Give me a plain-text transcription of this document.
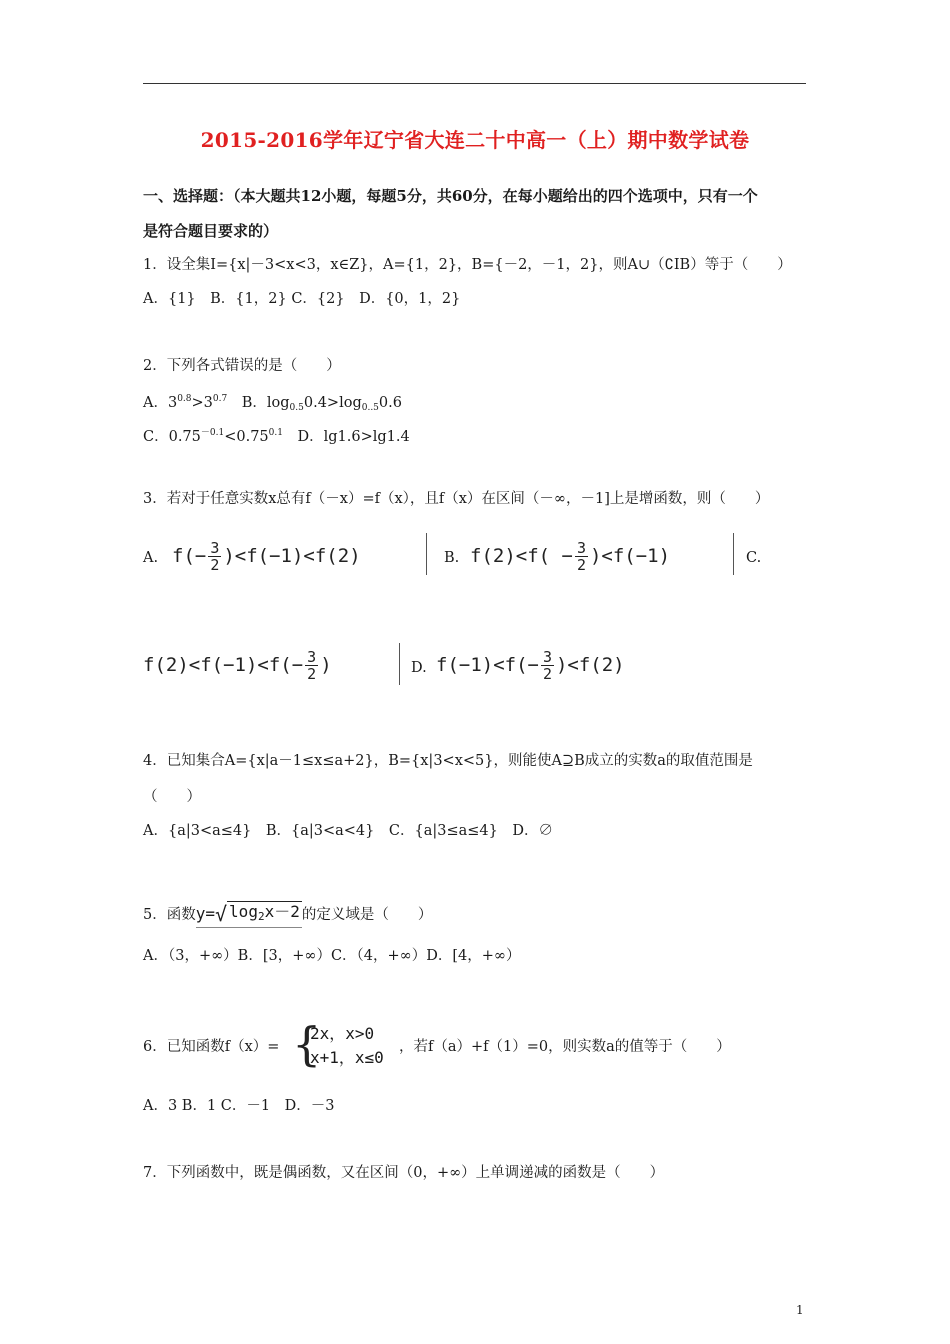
2015-2016学年辽宁省大连二十中高一（上）期中数学试卷
一、选择题：（本大题共12小题，每题5分，共60分，在每小题给出的四个选项中，只有一个
是符合题目要求的）
1．设全集I={x|－3<x<3，x∈Z}，A={1，2}，B={－2，－1，2}，则A∪（∁IB）等于（　　）
A．{1}　B．{1，2} C．{2}　D．{0，1，2}
2．下列各式错误的是（　　）
A．$3^{0.8}>3^{0.7}$　B．$\log_{0.5}0.4>\log_{0..5}0.6$
C．$0.75^{-0.1}<0.75^{0.1}$　D．lg1.6>lg1.4
3．若对于任意实数x总有f（－x）=f（x），且f（x）在区间（－∞，－1]上是增函数，则（　　）
A. $f(- \frac{3}{2} )<f(-1)<f(2)$	B. $f(2)<f( - \frac{3}{2} )<f(-1)$	C.
$f(2)<f(-1)<f(- \frac{3}{2}$ )	D. $f(-1)<f(- \frac{3}{2} )<f(2)$
4．已知集合A={x|a－1≤x≤a+2}，B={x|3<x<5}，则能使A⊇B成立的实数a的取值范围是
（　　）
A．{a|3<a≤4}　B．{a|3<a<4}　C．{a|3≤a≤4}　D．∅
5．函数 y= √ $\log_2x-2$ 的定义域是（　　）
A．（3，+∞）B．[3，+∞）C．（4，+∞）D．[4，+∞）
6．已知函数f（x）= {
2x，x>0
x+1，x≤0
，若f（a）+f（1）=0，则实数a的值等于（　　）
A．3 B．1 C．－1　D．－3
7．下列函数中，既是偶函数，又在区间（0，+∞）上单调递减的函数是（　　）
1
